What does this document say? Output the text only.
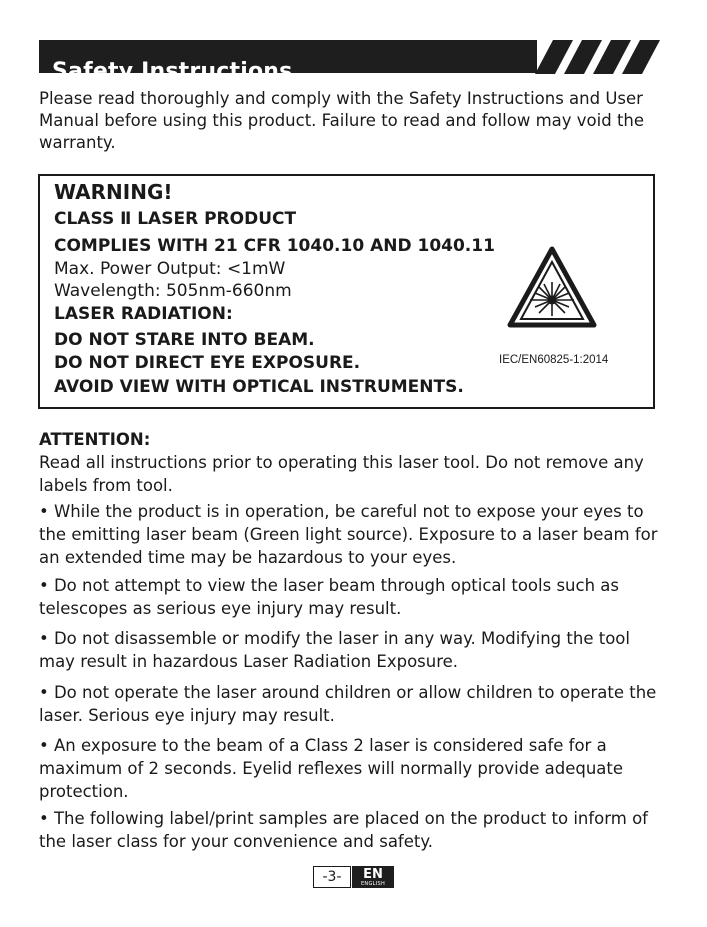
Safety Instructions

Please read thoroughly and comply with the Safety Instructions and User Manual before using this product. Failure to read and follow may void the warranty.

WARNING!
CLASS Ⅱ LASER PRODUCT
COMPLIES WITH 21 CFR 1040.10 AND 1040.11
Max. Power Output: <1mW
Wavelength: 505nm-660nm
LASER RADIATION:
DO NOT STARE INTO BEAM.
DO NOT DIRECT EYE EXPOSURE.
AVOID VIEW WITH OPTICAL INSTRUMENTS.
IEC/EN60825-1:2014

ATTENTION:
Read all instructions prior to operating this laser tool. Do not remove any labels from tool.

• While the product is in operation, be careful not to expose your eyes to the emitting laser beam (Green light source). Exposure to a laser beam for an extended time may be hazardous to your eyes.

• Do not attempt to view the laser beam through optical tools such as telescopes as serious eye injury may result.

• Do not disassemble or modify the laser in any way. Modifying the tool may result in hazardous Laser Radiation Exposure.

• Do not operate the laser around children or allow children to operate the laser. Serious eye injury may result.

• An exposure to the beam of a Class 2 laser is considered safe for a maximum of 2 seconds. Eyelid reflexes will normally provide adequate protection.

• The following label/print samples are placed on the product to inform of the laser class for your convenience and safety.

-3-	EN
ENGLISH
